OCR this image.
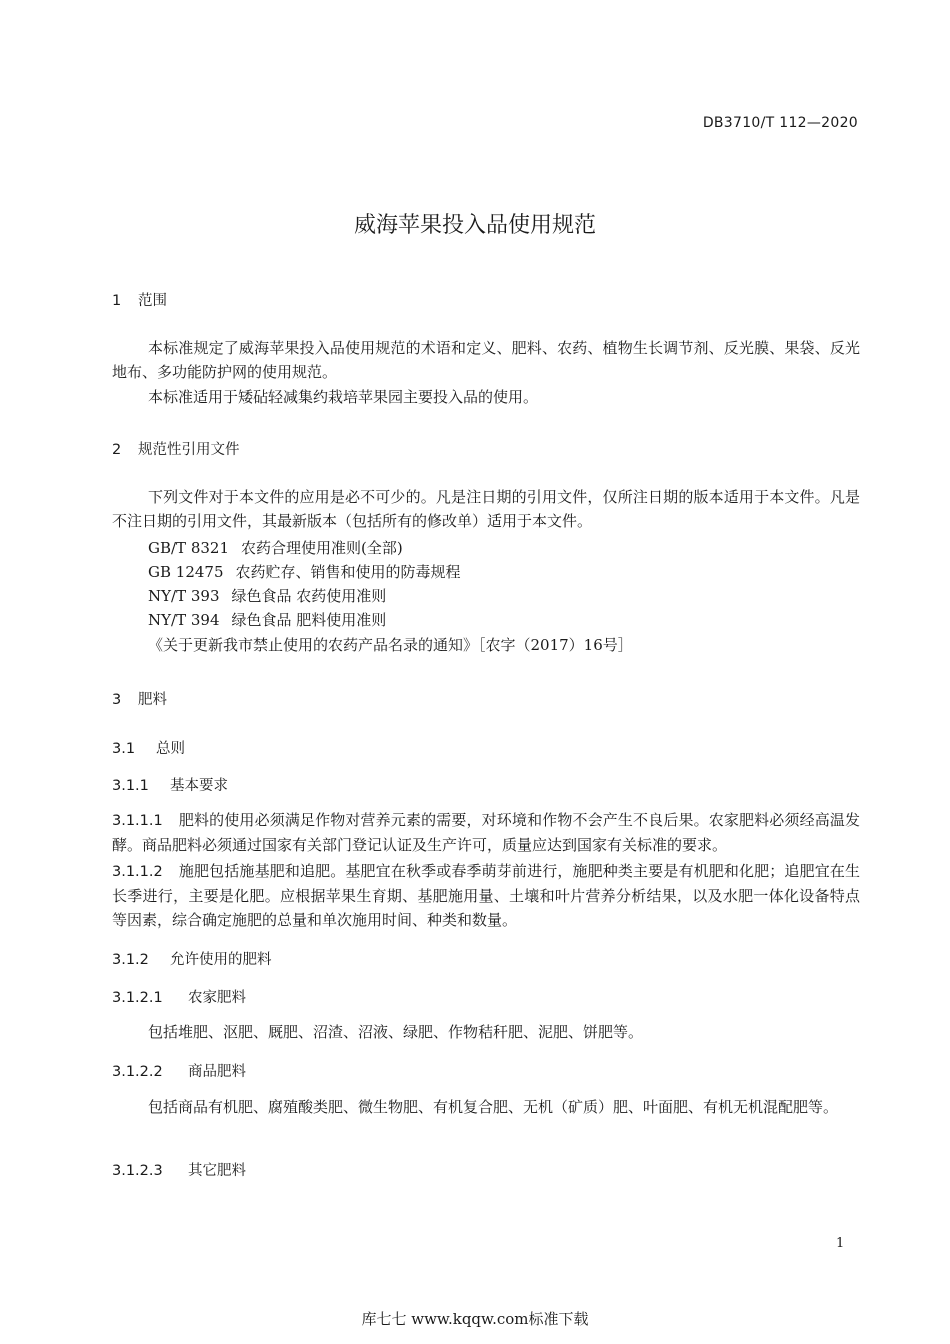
DB3710/T 112—2020
威海苹果投入品使用规范
1 范围
本标准规定了威海苹果投入品使用规范的术语和定义、肥料、农药、植物生长调节剂、反光膜、果袋、反光地布、多功能防护网的使用规范。
本标准适用于矮砧轻减集约栽培苹果园主要投入品的使用。
2 规范性引用文件
下列文件对于本文件的应用是必不可少的。凡是注日期的引用文件，仅所注日期的版本适用于本文件。凡是不注日期的引用文件，其最新版本（包括所有的修改单）适用于本文件。
GB/T 8321 农药合理使用准则(全部)
GB 12475 农药贮存、销售和使用的防毒规程
NY/T 393 绿色食品 农药使用准则
NY/T 394 绿色食品 肥料使用准则
《关于更新我市禁止使用的农药产品名录的通知》［农字（2017）16号］
3 肥料
3.1 总则
3.1.1 基本要求
3.1.1.1 肥料的使用必须满足作物对营养元素的需要，对环境和作物不会产生不良后果。农家肥料必须经高温发酵。商品肥料必须通过国家有关部门登记认证及生产许可，质量应达到国家有关标准的要求。
3.1.1.2 施肥包括施基肥和追肥。基肥宜在秋季或春季萌芽前进行，施肥种类主要是有机肥和化肥；追肥宜在生长季进行，主要是化肥。应根据苹果生育期、基肥施用量、土壤和叶片营养分析结果，以及水肥一体化设备特点等因素，综合确定施肥的总量和单次施用时间、种类和数量。
3.1.2 允许使用的肥料
3.1.2.1 农家肥料
包括堆肥、沤肥、厩肥、沼渣、沼液、绿肥、作物秸秆肥、泥肥、饼肥等。
3.1.2.2 商品肥料
包括商品有机肥、腐殖酸类肥、微生物肥、有机复合肥、无机（矿质）肥、叶面肥、有机无机混配肥等。
3.1.2.3 其它肥料
1
库七七 www.kqqw.com标准下载
